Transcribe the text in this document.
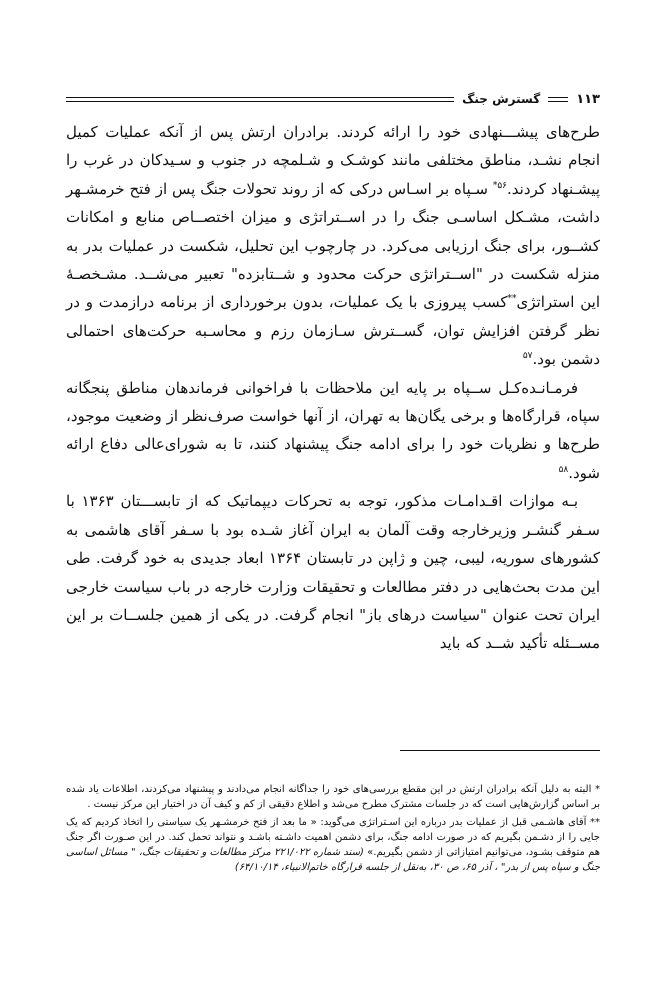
۱۱۳
گسترش جنگ

طرح‌های پیشـــنهادی خود را ارائه کردند. برادران ارتش پس از آنکه عملیات کمیل انجام نشـد، مناطق مختلفی مانند کوشـک و شـلمچه در جنوب و سـیدکان در غرب را پیشـنهاد کردند.$^{۵۶*}$ سـپاه بر اسـاس درکی که از روند تحولات جنگ پس از فتح خرمشـهر داشت، مشـکل اساسـی جنگ را در اســتراتژی و میزان اختصــاص منابع و امکانات کشــور، برای جنگ ارزیابی می‌کرد. در چارچوب این تحلیل، شکست در عملیات بدر به منزله شکست در "اســتراتژی حرکت محدود و شــتابزده" تعبیر می‌شــد. مشـخصـۀ این استراتژی**کسب پیروزی با یک عملیات، بدون برخورداری از برنامه درازمدت و در نظر گرفتن افزایش توان، گســترش سـازمان رزم و محاسـبه حرکت‌های احتمالی دشمن بود.$^{۵۷}$

فرمـانـده‌کـل ســپاه بر پایه این ملاحظات با فراخوانی فرماندهان مناطق پنجگانه سپاه، قرارگاه‌ها و برخی یگان‌ها به تهران، از آنها خواست صرف‌نظر از وضعیت موجود، طرح‌ها و نظریات خود را برای ادامه جنگ پیشنهاد کنند، تا به شورای‌عالی دفاع ارائه شود.$^{۵۸}$

بـه موازات اقـدامـات مذکور، توجه به تحرکات دیپماتیک که از تابســـتان ۱۳۶۳ با سـفر گنشـر وزیرخارجه وقت آلمان به ایران آغاز شـده بود با سـفر آقای هاشمی به کشورهای سوریه، لیبی، چین و ژاپن در تابستان ۱۳۶۴ ابعاد جدیدی به خود گرفت. طی این مدت بحث‌هایی در دفتر مطالعات و تحقیقات وزارت خارجه در باب سیاست خارجی ایران تحت عنوان "سیاست درهای باز" انجام گرفت. در یکی از همین جلســات بر این مســئله تأکید شــد که باید

* البته به دلیل آنکه برادران ارتش در این مقطع بررسی‌های خود را جداگانه انجام می‌دادند و پیشنهاد می‌کردند، اطلاعات یاد شده بر اساس گزارش‌هایی است که در جلسات مشترک مطرح می‌شد و اطلاع دقیقی از کم و کیف آن در اختیار این مرکز نیست .

** آقای هاشـمی قبل از عملیات بدر درباره این اسـتراتژی می‌گوید: « ما بعد از فتح خرمشـهر یک سیاستی را اتخاذ کردیم که یک جایی را از دشـمن بگیریم که در صورت ادامه جنگ، برای دشمن اهمیت داشـته باشـد و نتواند تحمل کند. در این صـورت اگر جنگ هم متوقف بشـود، می‌توانیم امتیازاتی از دشمن بگیریم.» (سند شماره ۲۲۱/۰۲۲ مرکز مطالعات و تحقیقات جنگ، " مسائل اساسی جنگ و سپاه پس از بدر" ، آذر ۶۵، ص ۳۰، به‌نقل از جلسه قرارگاه خاتم‌الانبیاء، ۶۴/۱۰/۱۴)
